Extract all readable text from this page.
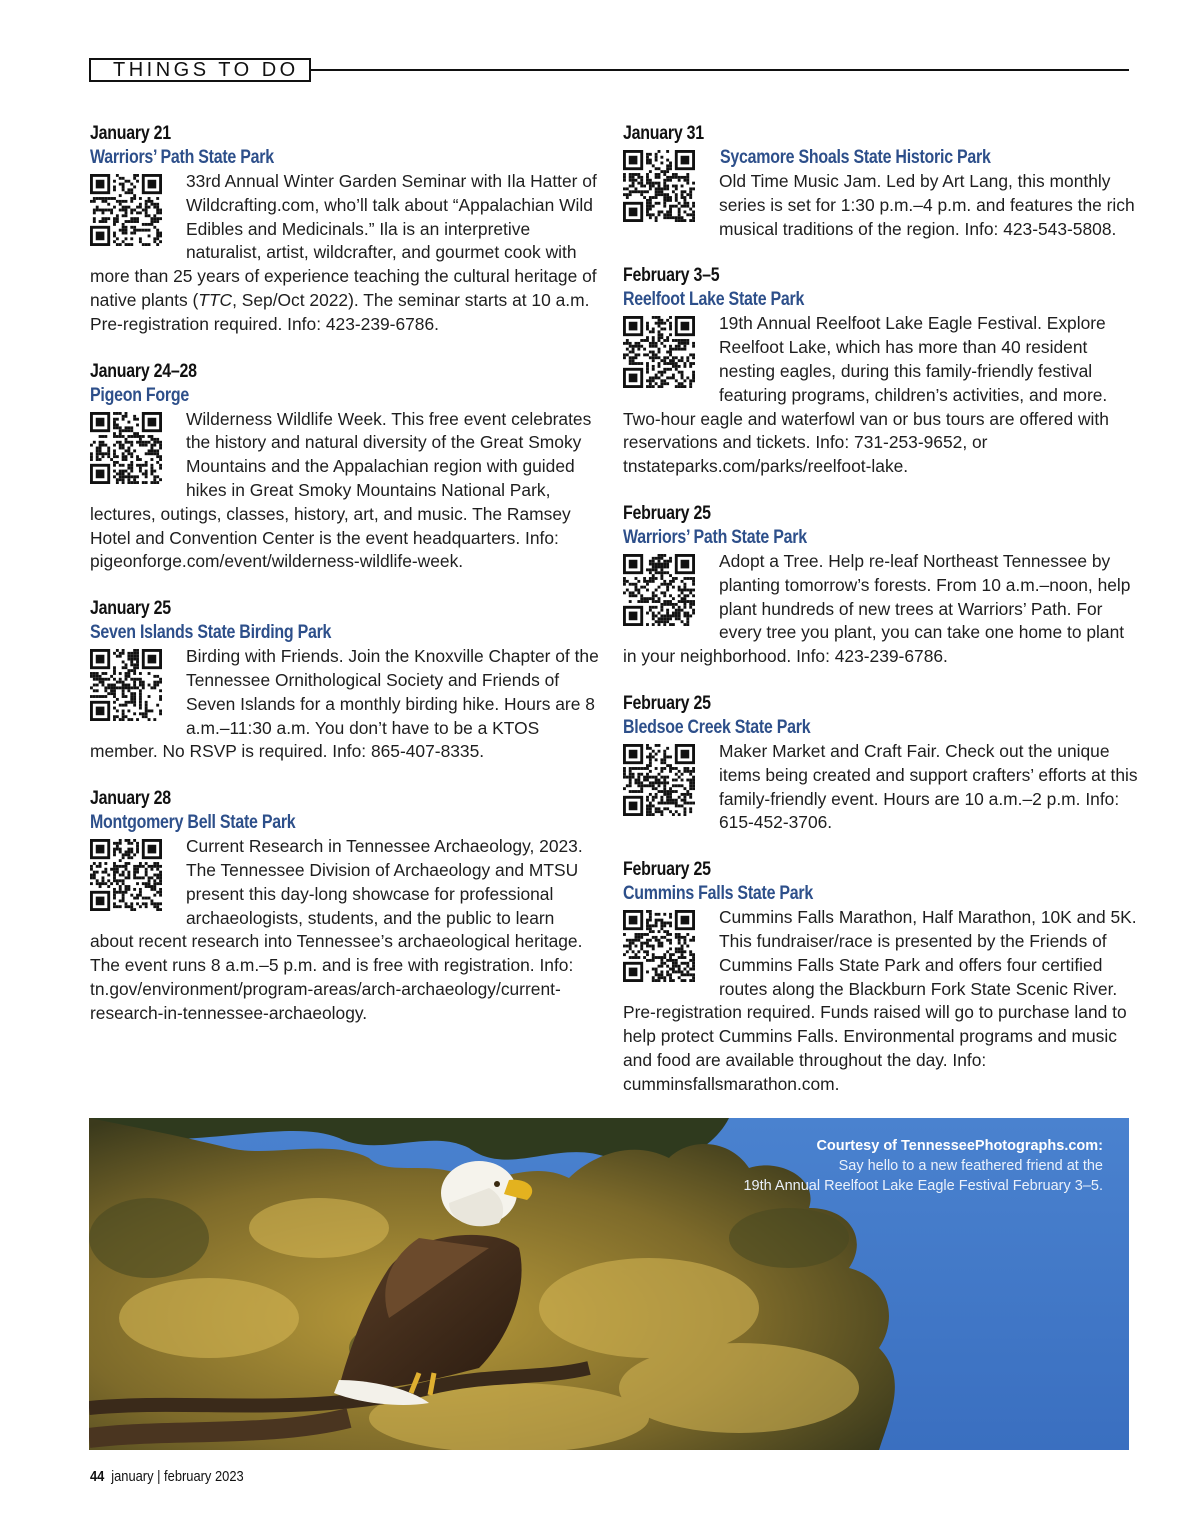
THINGS TO DO
January 21
Warriors’ Path State Park
33rd Annual Winter Garden Seminar with Ila Hatter of Wildcrafting.com, who’ll talk about “Appalachian Wild Edibles and Medicinals.” Ila is an interpretive naturalist, artist, wildcrafter, and gourmet cook with more than 25 years of experience teaching the cultural heritage of native plants (TTC, Sep/Oct 2022). The seminar starts at 10 a.m. Pre-registration required. Info: 423-239-6786.
January 24–28
Pigeon Forge
Wilderness Wildlife Week. This free event celebrates the history and natural diversity of the Great Smoky Mountains and the Appalachian region with guided hikes in Great Smoky Mountains National Park, lectures, outings, classes, history, art, and music. The Ramsey Hotel and Convention Center is the event headquarters. Info: pigeonforge.com/event/wilderness-wildlife-week.
January 25
Seven Islands State Birding Park
Birding with Friends. Join the Knoxville Chapter of the Tennessee Ornithological Society and Friends of Seven Islands for a monthly birding hike. Hours are 8 a.m.–11:30 a.m. You don’t have to be a KTOS member. No RSVP is required. Info: 865-407-8335.
January 28
Montgomery Bell State Park
Current Research in Tennessee Archaeology, 2023. The Tennessee Division of Archaeology and MTSU present this day-long showcase for professional archaeologists, students, and the public to learn about recent research into Tennessee’s archaeological heritage. The event runs 8 a.m.–5 p.m. and is free with registration. Info: tn.gov/environment/program-areas/arch-archaeology/current-research-in-tennessee-archaeology.
January 31
Sycamore Shoals State Historic Park
Old Time Music Jam. Led by Art Lang, this monthly series is set for 1:30 p.m.–4 p.m. and features the rich musical traditions of the region. Info: 423-543-5808.
February 3–5
Reelfoot Lake State Park
19th Annual Reelfoot Lake Eagle Festival. Explore Reelfoot Lake, which has more than 40 resident nesting eagles, during this family-friendly festival featuring programs, children’s activities, and more. Two-hour eagle and waterfowl van or bus tours are offered with reservations and tickets. Info: 731-253-9652, or tnstateparks.com/parks/reelfoot-lake.
February 25
Warriors’ Path State Park
Adopt a Tree. Help re-leaf Northeast Tennessee by planting tomorrow’s forests. From 10 a.m.–noon, help plant hundreds of new trees at Warriors’ Path. For every tree you plant, you can take one home to plant in your neighborhood. Info: 423-239-6786.
February 25
Bledsoe Creek State Park
Maker Market and Craft Fair. Check out the unique items being created and support crafters’ efforts at this family-friendly event. Hours are 10 a.m.–2 p.m. Info: 615-452-3706.
February 25
Cummins Falls State Park
Cummins Falls Marathon, Half Marathon, 10K and 5K. This fundraiser/race is presented by the Friends of Cummins Falls State Park and offers four certified routes along the Blackburn Fork State Scenic River. Pre-registration required. Funds raised will go to purchase land to help protect Cummins Falls. Environmental programs and music and food are available throughout the day. Info: cumminsfallsmarathon.com.
Courtesy of TennesseePhotographs.com:
Say hello to a new feathered friend at the
19th Annual Reelfoot Lake Eagle Festival February 3–5.
44 january | february 2023
